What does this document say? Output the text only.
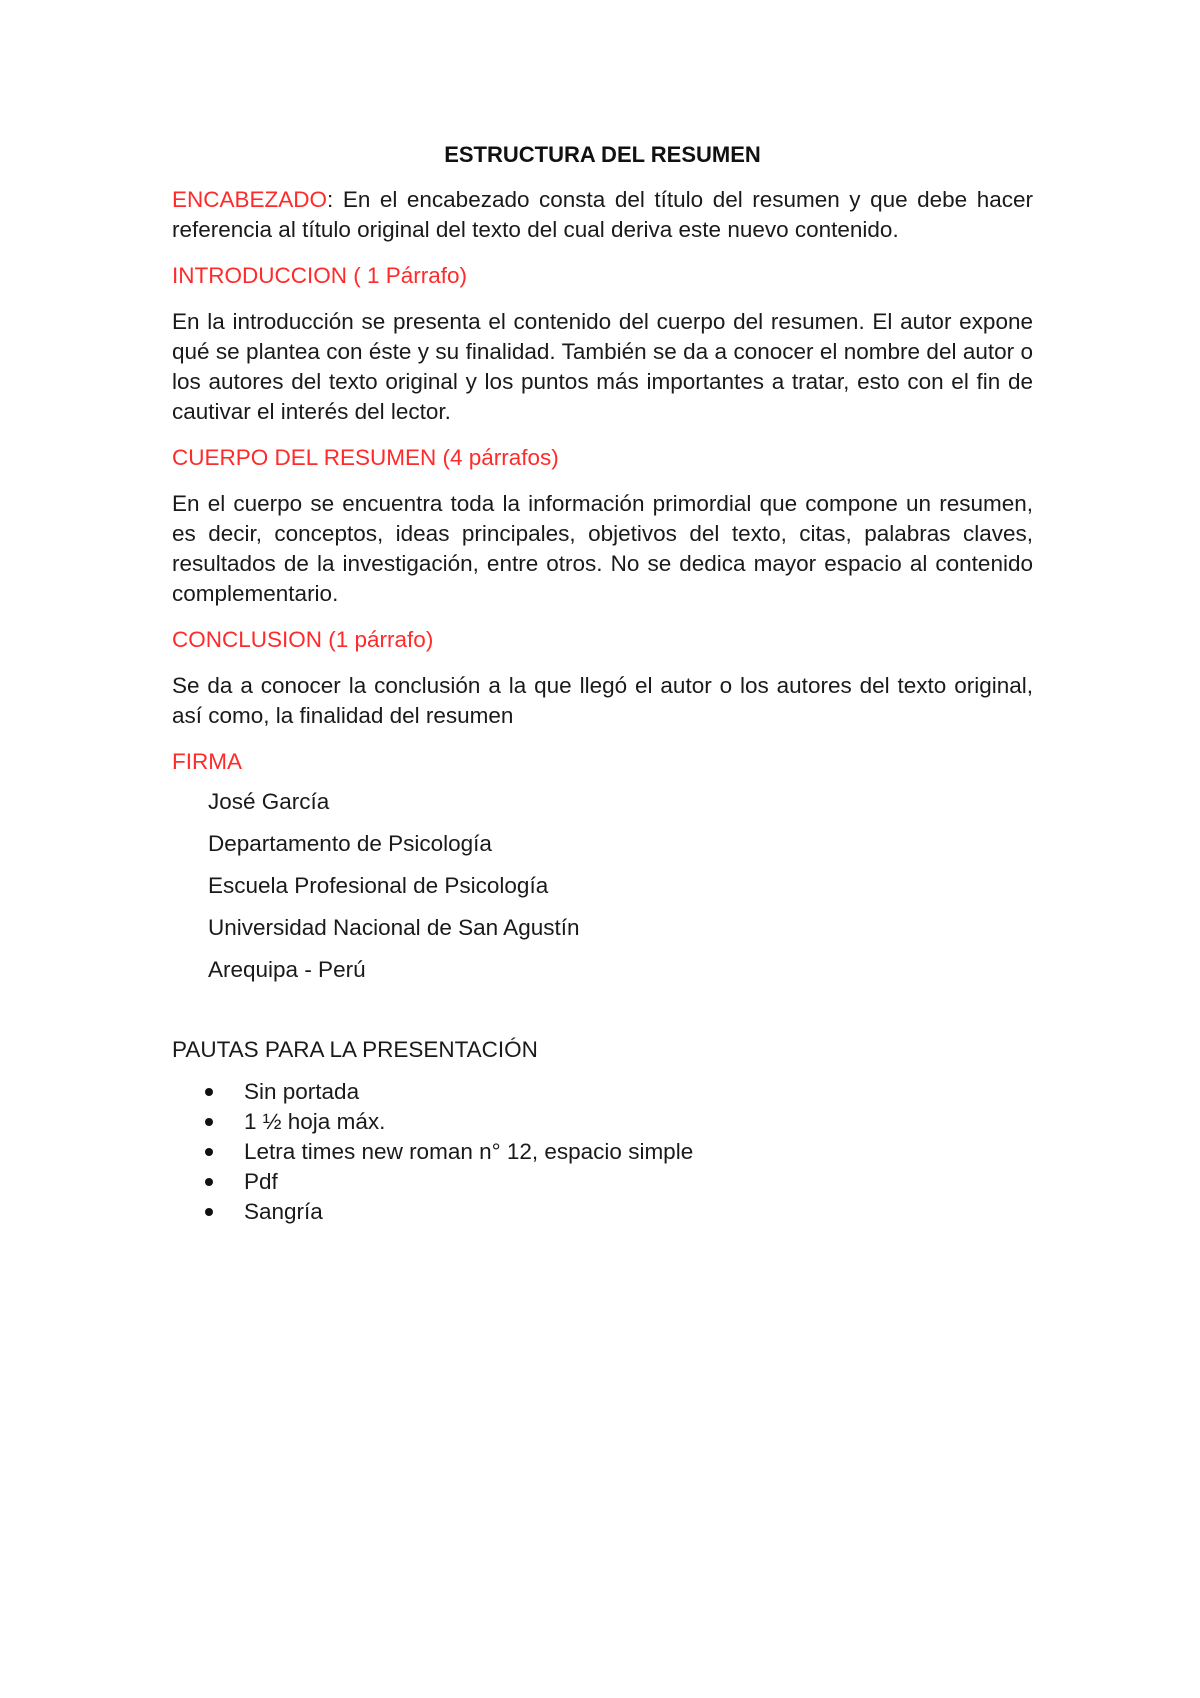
ESTRUCTURA DEL RESUMEN

ENCABEZADO: En el encabezado consta del título del resumen y que debe hacer referencia al título original del texto del cual deriva este nuevo contenido.

INTRODUCCION ( 1 Párrafo)

En la introducción se presenta el contenido del cuerpo del resumen. El autor expone qué se plantea con éste y su finalidad. También se da a conocer el nombre del autor o los autores del texto original y los puntos más importantes a tratar, esto con el fin de cautivar el interés del lector.

CUERPO DEL RESUMEN (4 párrafos)

En el cuerpo se encuentra toda la información primordial que compone un resumen, es decir, conceptos, ideas principales, objetivos del texto, citas, palabras claves, resultados de la investigación, entre otros. No se dedica mayor espacio al contenido complementario.

CONCLUSION (1 párrafo)

Se da a conocer la conclusión a la que llegó el autor o los autores del texto original, así como, la finalidad del resumen

FIRMA
José García
Departamento de Psicología
Escuela Profesional de Psicología
Universidad Nacional de San Agustín
Arequipa - Perú
PAUTAS PARA LA PRESENTACIÓN
Sin portada
1 ½ hoja máx.
Letra times new roman n° 12, espacio simple
Pdf
Sangría
